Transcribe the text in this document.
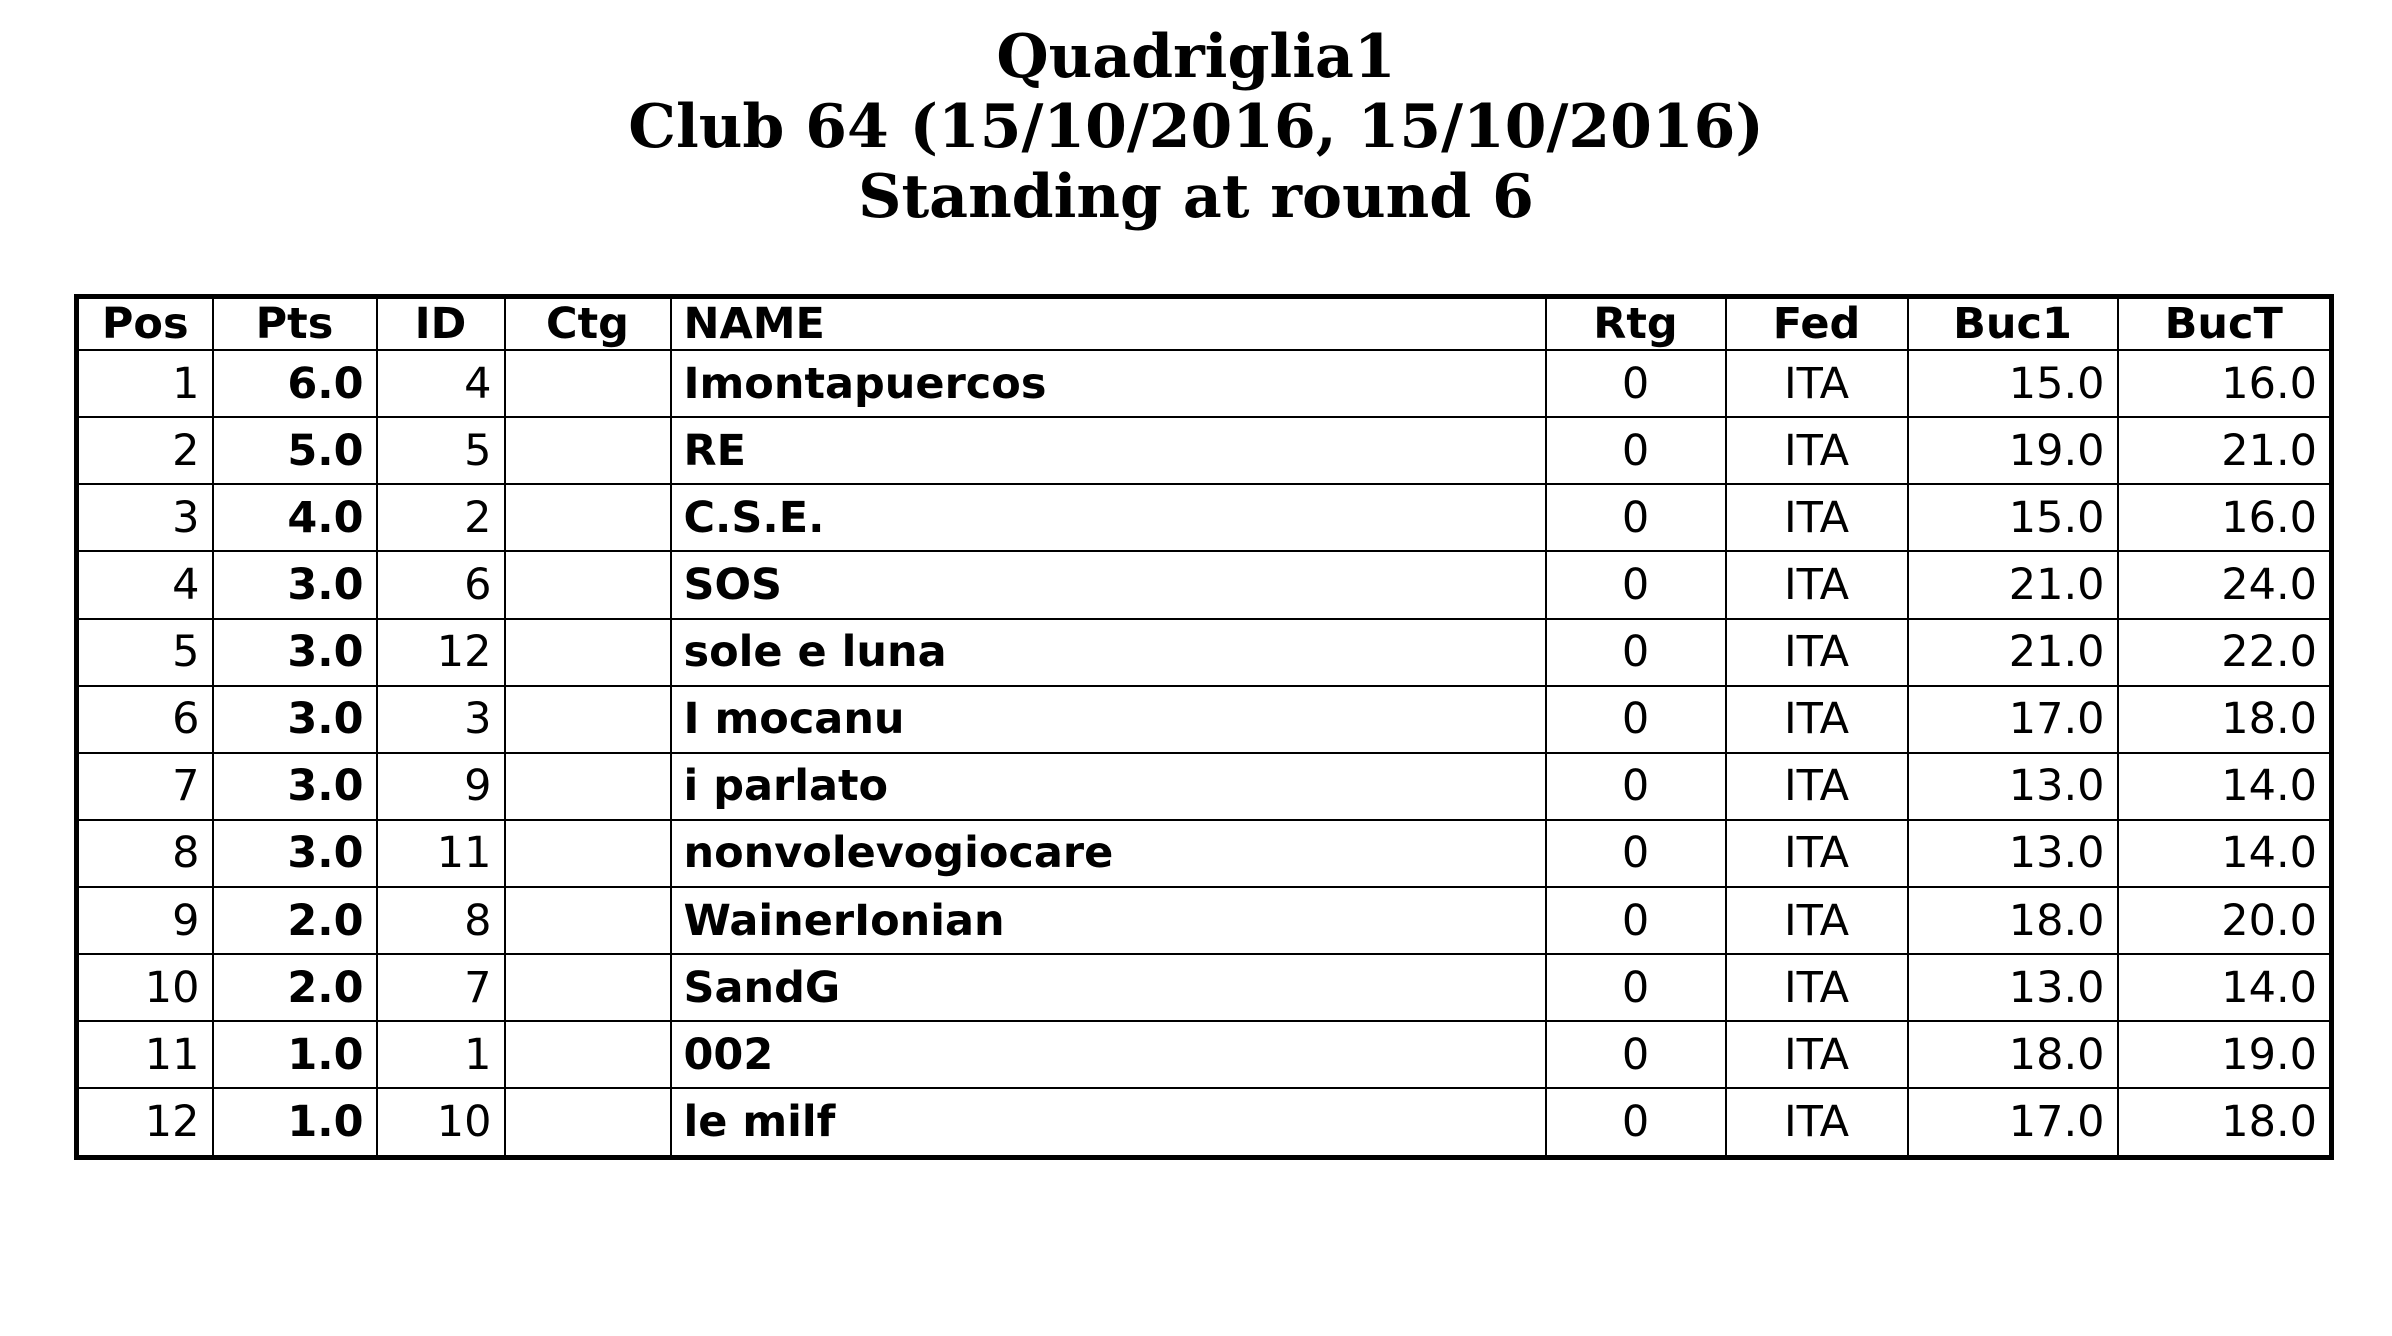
Quadriglia1
Club 64 (15/10/2016, 15/10/2016)
Standing at round 6
Pos	Pts	ID	Ctg	NAME	Rtg	Fed	Buc1	BucT
1	6.0	4		Imontapuercos	0	ITA	15.0	16.0
2	5.0	5		RE	0	ITA	19.0	21.0
3	4.0	2		C.S.E.	0	ITA	15.0	16.0
4	3.0	6		SOS	0	ITA	21.0	24.0
5	3.0	12		sole e luna	0	ITA	21.0	22.0
6	3.0	3		I mocanu	0	ITA	17.0	18.0
7	3.0	9		i parlato	0	ITA	13.0	14.0
8	3.0	11		nonvolevogiocare	0	ITA	13.0	14.0
9	2.0	8		WainerIonian	0	ITA	18.0	20.0
10	2.0	7		SandG	0	ITA	13.0	14.0
11	1.0	1		002	0	ITA	18.0	19.0
12	1.0	10		le milf	0	ITA	17.0	18.0
